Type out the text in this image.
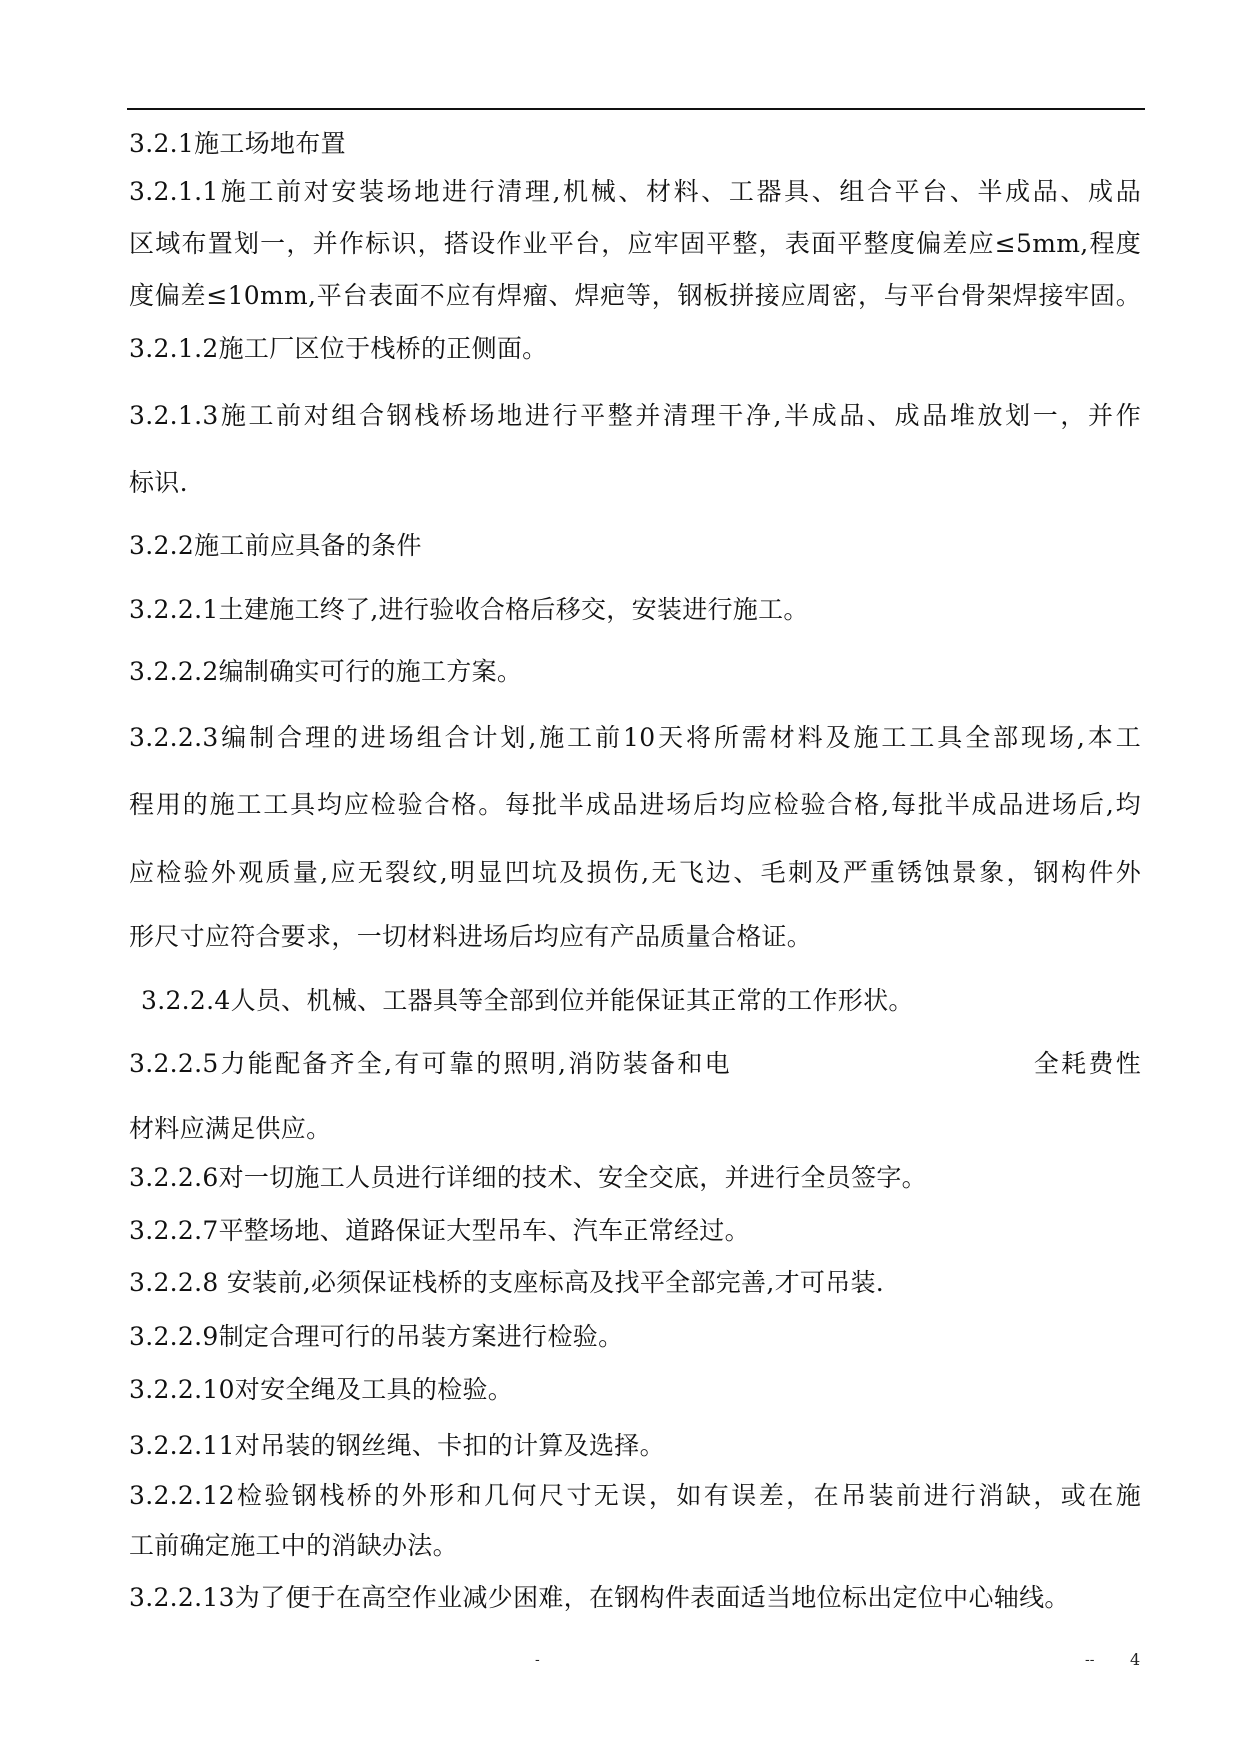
3.2.1施工场地布置
3.2.1.1施工前对安装场地进行清理,机械、材料、工器具、组合平台、半成品、成品
区域布置划一，并作标识，搭设作业平台，应牢固平整，表面平整度偏差应≤5mm,程度
度偏差≤10mm,平台表面不应有焊瘤、焊疤等，钢板拼接应周密，与平台骨架焊接牢固。
3.2.1.2施工厂区位于栈桥的正侧面。
3.2.1.3施工前对组合钢栈桥场地进行平整并清理干净,半成品、成品堆放划一，并作
标识.
3.2.2施工前应具备的条件
3.2.2.1土建施工终了,进行验收合格后移交，安装进行施工。
3.2.2.2编制确实可行的施工方案。
3.2.2.3编制合理的进场组合计划,施工前10天将所需材料及施工工具全部现场,本工
程用的施工工具均应检验合格。每批半成品进场后均应检验合格,每批半成品进场后,均
应检验外观质量,应无裂纹,明显凹坑及损伤,无飞边、毛刺及严重锈蚀景象，钢构件外
形尺寸应符合要求，一切材料进场后均应有产品质量合格证。
3.2.2.4人员、机械、工器具等全部到位并能保证其正常的工作形状。
3.2.2.5力能配备齐全,有可靠的照明,消防装备和电	全耗费性
材料应满足供应。
3.2.2.6对一切施工人员进行详细的技术、安全交底，并进行全员签字。
3.2.2.7平整场地、道路保证大型吊车、汽车正常经过。
3.2.2.8 安装前,必须保证栈桥的支座标高及找平全部完善,才可吊装.
3.2.2.9制定合理可行的吊装方案进行检验。
3.2.2.10对安全绳及工具的检验。
3.2.2.11对吊装的钢丝绳、卡扣的计算及选择。
3.2.2.12检验钢栈桥的外形和几何尺寸无误，如有误差，在吊装前进行消缺，或在施
工前确定施工中的消缺办法。
3.2.2.13为了便于在高空作业减少困难，在钢构件表面适当地位标出定位中心轴线。
-	-- 4
